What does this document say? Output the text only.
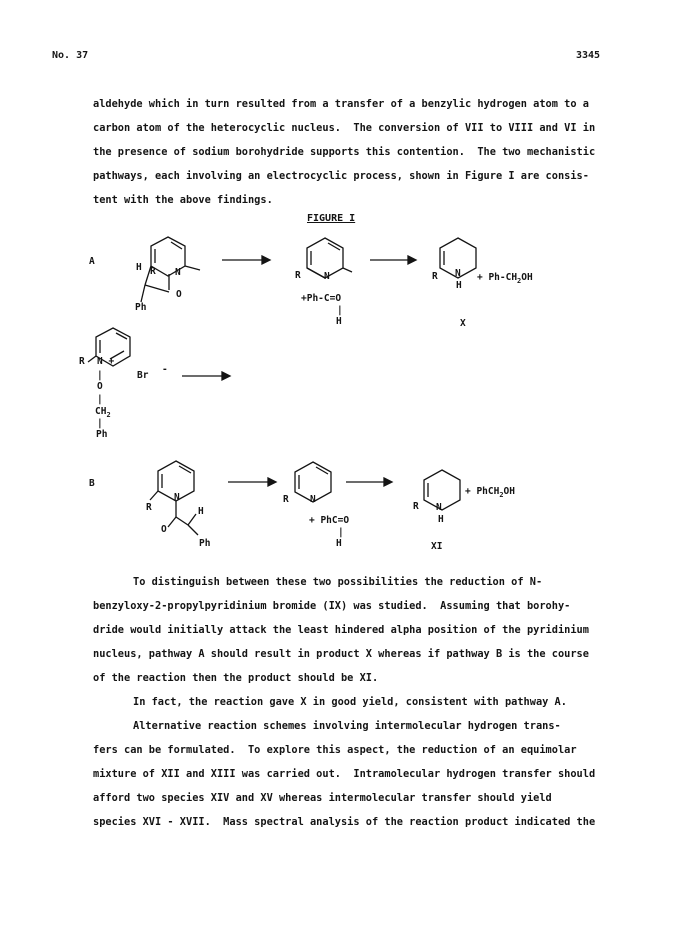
No. 37	3345
aldehyde which in turn resulted from a transfer of a benzylic hydrogen atom to a
carbon atom of the heterocyclic nucleus.  The conversion of VII to VIII and VI in
the presence of sodium borohydride supports this contention.  The two mechanistic
pathways, each involving an electrocyclic process, shown in Figure I are consis-
tent with the above findings.
FIGURE I
A
H R N
O
Ph
R N
+Ph-C=O
|
H
R N
H
+ $Ph-CH_2OH$
X
R N +
|
O
|
$CH_2$
|
Ph
Br
-
B
R
N
H
O
Ph
R N
+ PhC=O
|
H
R N
H
+ PhCH$_2$OH
XI
To distinguish between these two possibilities the reduction of N-
benzyloxy-2-propylpyridinium bromide (IX) was studied.  Assuming that borohy-
dride would initially attack the least hindered alpha position of the pyridinium
nucleus, pathway A should result in product X whereas if pathway B is the course
of the reaction then the product should be XI.
In fact, the reaction gave X in good yield, consistent with pathway A.
Alternative reaction schemes involving intermolecular hydrogen trans-
fers can be formulated.  To explore this aspect, the reduction of an equimolar
mixture of XII and XIII was carried out.  Intramolecular hydrogen transfer should
afford two species XIV and XV whereas intermolecular transfer should yield
species XVI - XVII.  Mass spectral analysis of the reaction product indicated the
